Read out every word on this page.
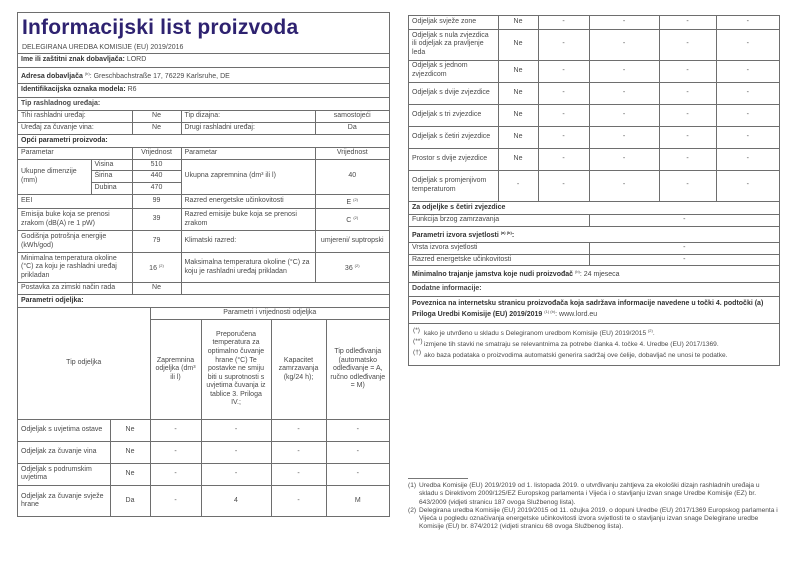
Informacijski list proizvoda
DELEGIRANA UREDBA KOMISIJE (EU) 2019/2016
Ime ili zaštitni znak dobavljača: LORD
Adresa dobavljača $^{(b)}$: Greschbachstraße 17, 76229 Karlsruhe, DE
Identifikacijska oznaka modela: R6
Tip rashladnog uređaja:
Tihi rashladni uređaj:	Ne	Tip dizajna:	samostojeći
Uređaj za čuvanje vina:	Ne	Drugi rashladni uređaj:	Da
Opći parametri proizvoda:
Parametar		Vrijednost	Parametar	Vrijednost
Ukupne dimenzije (mm)	Visina	510	Ukupna zapremnina (dm³ ili l)	40
	Širina	440		
	Dubina	470		
EEI		99	Razred energetske učinkovitosti	E $^{(2)}$
Emisija buke koja se prenosi zrakom (dB(A) re 1 pW)		39	Razred emisije buke koja se prenosi zrakom	C $^{(2)}$
Godišnja potrošnja energije (kWh/god)		79	Klimatski razred:	umjereni/ suptropski
Minimalna temperatura okoline (°C) za koju je rashladni uređaj prikladan		16 $^{(2)}$	Maksimalna temperatura okoline (°C) za koju je rashladni uređaj prikladan	36 $^{(2)}$
Postavka za zimski način rada		Ne		
Parametri odjeljka:
Tip odjeljka		Parametri i vrijednosti odjeljka			
		Zapremnina odjeljka (dm³ ili l)	Preporučena temperatura za optimalno čuvanje hrane (°C) Te postavke ne smiju biti u suprotnosti s uvjetima čuvanja iz tablice 3. Priloga IV.;	Kapacitet zamrzavanja (kg/24 h);	Tip odleđivanja (automatsko odleđivanje = A, ručno odleđivanje = M)
Odjeljak s uvjetima ostave	Ne	-	-	-	-
Odjeljak za čuvanje vina	Ne	-	-	-	-
Odjeljak s podrumskim uvjetima	Ne	-	-	-	-
Odjeljak za čuvanje svježe hrane	Da	-	4	-	M
Odjeljak svježe zone	Ne	-	-	-	-
Odjeljak s nula zvjezdica ili odjeljak za pravljenje leda	Ne	-	-	-	-
Odjeljak s jednom zvjezdicom	Ne	-	-	-	-
Odjeljak s dvije zvjezdice	Ne	-	-	-	-
Odjeljak s tri zvjezdice	Ne	-	-	-	-
Odjeljak s četiri zvjezdice	Ne	-	-	-	-
Prostor s dvije zvjezdice	Ne	-	-	-	-
Odjeljak s promjenjivom temperaturom	-	-	-	-	-
Za odjeljke s četiri zvjezdice
Funkcija brzog zamrzavanja	-
Parametri izvora svjetlosti $^{(a) (b)}$:
Vrsta izvora svjetlosti	-
Razred energetske učinkovitosti	-
Minimalno trajanje jamstva koje nudi proizvođač $^{(b)}$: 24 mjeseca
Dodatne informacije:
Poveznica na internetsku stranicu proizvođača koja sadržava informacije navedene u točki 4. podtočki (a) Priloga Uredbi Komisije (EU) 2019/2019 $^{(1) (b)}$: www.lord.eu
(*) kako je utvrđeno u skladu s Delegiranom uredbom Komisije (EU) 2019/2015 $^{(2)}$.
(**) izmjene tih stavki ne smatraju se relevantnima za potrebe članka 4. točke 4. Uredbe (EU) 2017/1369.
(†) ako baza podataka o proizvodima automatski generira sadržaj ove ćelije, dobavljač ne unosi te podatke.
(1) Uredba Komisije (EU) 2019/2019 od 1. listopada 2019. o utvrđivanju zahtjeva za ekološki dizajn rashladnih uređaja u skladu s Direktivom 2009/125/EZ Europskog parlamenta i Vijeća i o stavljanju izvan snage Uredbe Komisije (EZ) br. 643/2009 (vidjeti stranicu 187 ovoga Službenog lista).
(2) Delegirana uredba Komisije (EU) 2019/2015 od 11. ožujka 2019. o dopuni Uredbe (EU) 2017/1369 Europskog parlamenta i Vijeća u pogledu označivanja energetske učinkovitosti izvora svjetlosti te o stavljanju izvan snage Delegirane uredbe Komisije (EU) br. 874/2012 (vidjeti stranicu 68 ovoga Službenog lista).
